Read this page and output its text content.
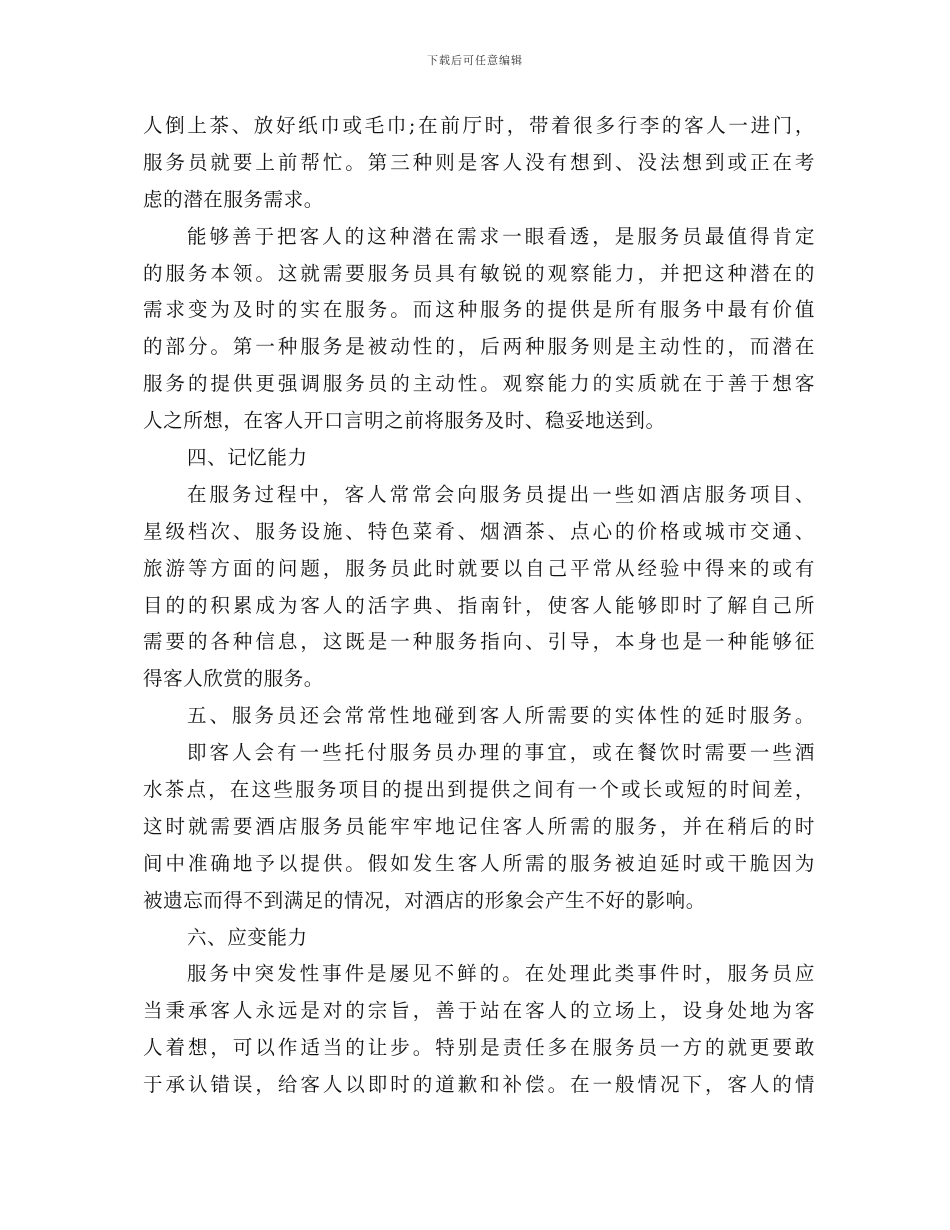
下载后可任意编辑
人倒上茶、放好纸巾或毛巾;在前厅时，带着很多行李的客人一进门，
服务员就要上前帮忙。第三种则是客人没有想到、没法想到或正在考
虑的潜在服务需求。
能够善于把客人的这种潜在需求一眼看透，是服务员最值得肯定
的服务本领。这就需要服务员具有敏锐的观察能力，并把这种潜在的
需求变为及时的实在服务。而这种服务的提供是所有服务中最有价值
的部分。第一种服务是被动性的，后两种服务则是主动性的，而潜在
服务的提供更强调服务员的主动性。观察能力的实质就在于善于想客
人之所想，在客人开口言明之前将服务及时、稳妥地送到。
四、记忆能力
在服务过程中，客人常常会向服务员提出一些如酒店服务项目、
星级档次、服务设施、特色菜肴、烟酒茶、点心的价格或城市交通、
旅游等方面的问题，服务员此时就要以自己平常从经验中得来的或有
目的的积累成为客人的活字典、指南针，使客人能够即时了解自己所
需要的各种信息，这既是一种服务指向、引导，本身也是一种能够征
得客人欣赏的服务。
五、服务员还会常常性地碰到客人所需要的实体性的延时服务。
即客人会有一些托付服务员办理的事宜，或在餐饮时需要一些酒
水茶点，在这些服务项目的提出到提供之间有一个或长或短的时间差，
这时就需要酒店服务员能牢牢地记住客人所需的服务，并在稍后的时
间中准确地予以提供。假如发生客人所需的服务被迫延时或干脆因为
被遗忘而得不到满足的情况，对酒店的形象会产生不好的影响。
六、应变能力
服务中突发性事件是屡见不鲜的。在处理此类事件时，服务员应
当秉承客人永远是对的宗旨，善于站在客人的立场上，设身处地为客
人着想，可以作适当的让步。特别是责任多在服务员一方的就更要敢
于承认错误，给客人以即时的道歉和补偿。在一般情况下，客人的情
